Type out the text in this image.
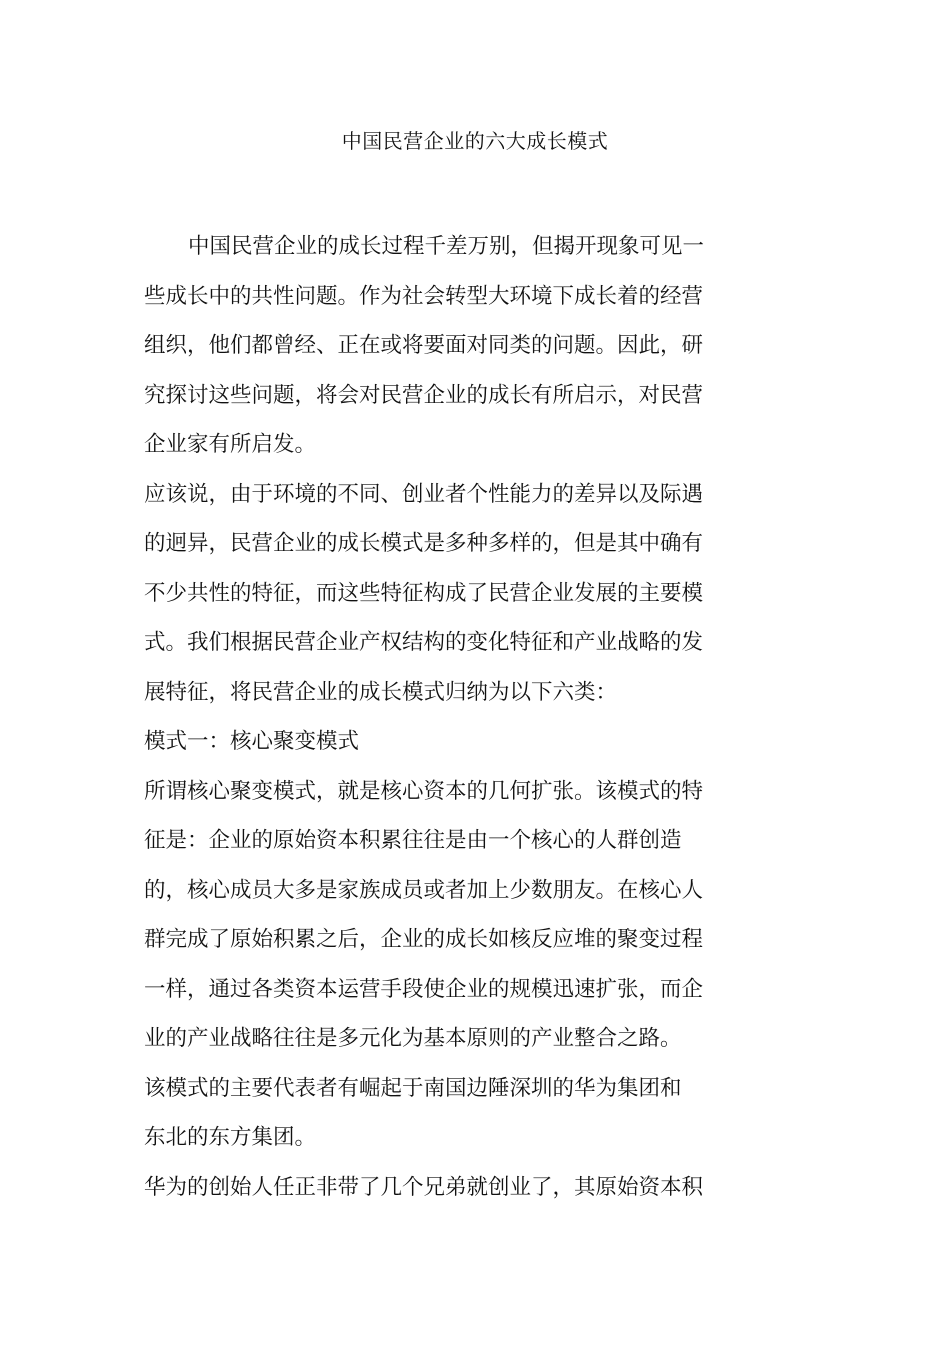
中国民营企业的六大成长模式

中国民营企业的成长过程千差万别，但揭开现象可见一

些成长中的共性问题。作为社会转型大环境下成长着的经营

组织，他们都曾经、正在或将要面对同类的问题。因此，研

究探讨这些问题，将会对民营企业的成长有所启示，对民营

企业家有所启发。

应该说，由于环境的不同、创业者个性能力的差异以及际遇

的迥异，民营企业的成长模式是多种多样的，但是其中确有

不少共性的特征，而这些特征构成了民营企业发展的主要模

式。我们根据民营企业产权结构的变化特征和产业战略的发

展特征，将民营企业的成长模式归纳为以下六类：

模式一：核心聚变模式

所谓核心聚变模式，就是核心资本的几何扩张。该模式的特

征是：企业的原始资本积累往往是由一个核心的人群创造

的，核心成员大多是家族成员或者加上少数朋友。在核心人

群完成了原始积累之后，企业的成长如核反应堆的聚变过程

一样，通过各类资本运营手段使企业的规模迅速扩张，而企

业的产业战略往往是多元化为基本原则的产业整合之路。

该模式的主要代表者有崛起于南国边陲深圳的华为集团和

东北的东方集团。

华为的创始人任正非带了几个兄弟就创业了，其原始资本积
